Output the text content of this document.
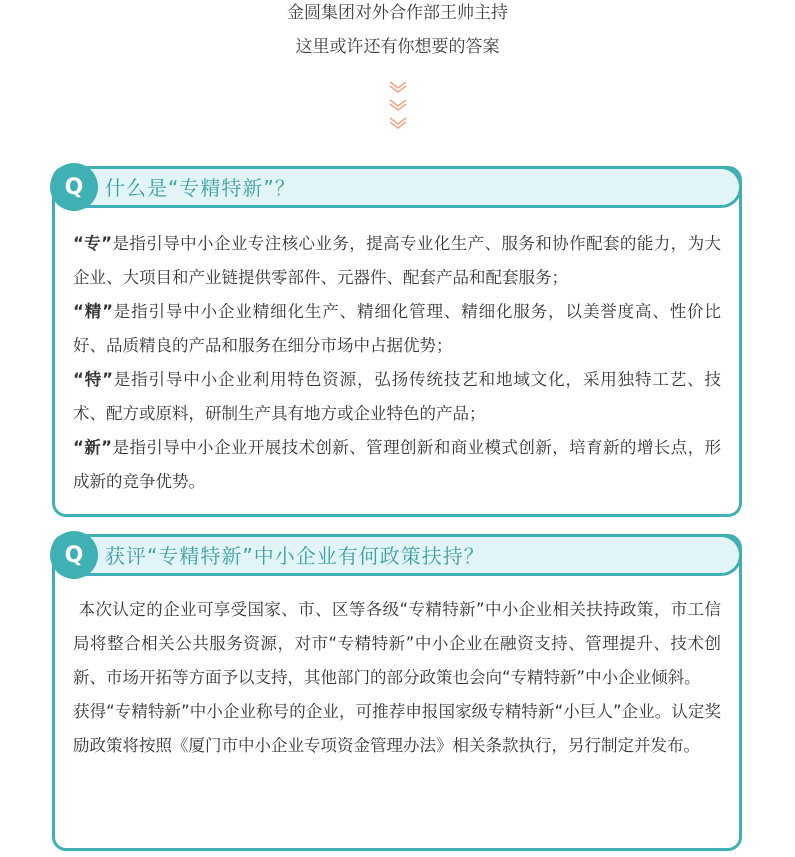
金圆集团对外合作部王帅主持
这里或许还有你想要的答案
Q	什么是“专精特新”？

“专”是指引导中小企业专注核心业务，提高专业化生产、服务和协作配套的能力，为大企业、大项目和产业链提供零部件、元器件、配套产品和配套服务；

“精”是指引导中小企业精细化生产、精细化管理、精细化服务，以美誉度高、性价比好、品质精良的产品和服务在细分市场中占据优势；

“特”是指引导中小企业利用特色资源，弘扬传统技艺和地域文化，采用独特工艺、技术、配方或原料，研制生产具有地方或企业特色的产品；

“新”是指引导中小企业开展技术创新、管理创新和商业模式创新，培育新的增长点，形成新的竞争优势。

Q	获评“专精特新”中小企业有何政策扶持？

本次认定的企业可享受国家、市、区等各级“专精特新”中小企业相关扶持政策，市工信局将整合相关公共服务资源，对市“专精特新”中小企业在融资支持、管理提升、技术创新、市场开拓等方面予以支持，其他部门的部分政策也会向“专精特新”中小企业倾斜。

获得“专精特新”中小企业称号的企业，可推荐申报国家级专精特新“小巨人”企业。认定奖励政策将按照《厦门市中小企业专项资金管理办法》相关条款执行，另行制定并发布。
